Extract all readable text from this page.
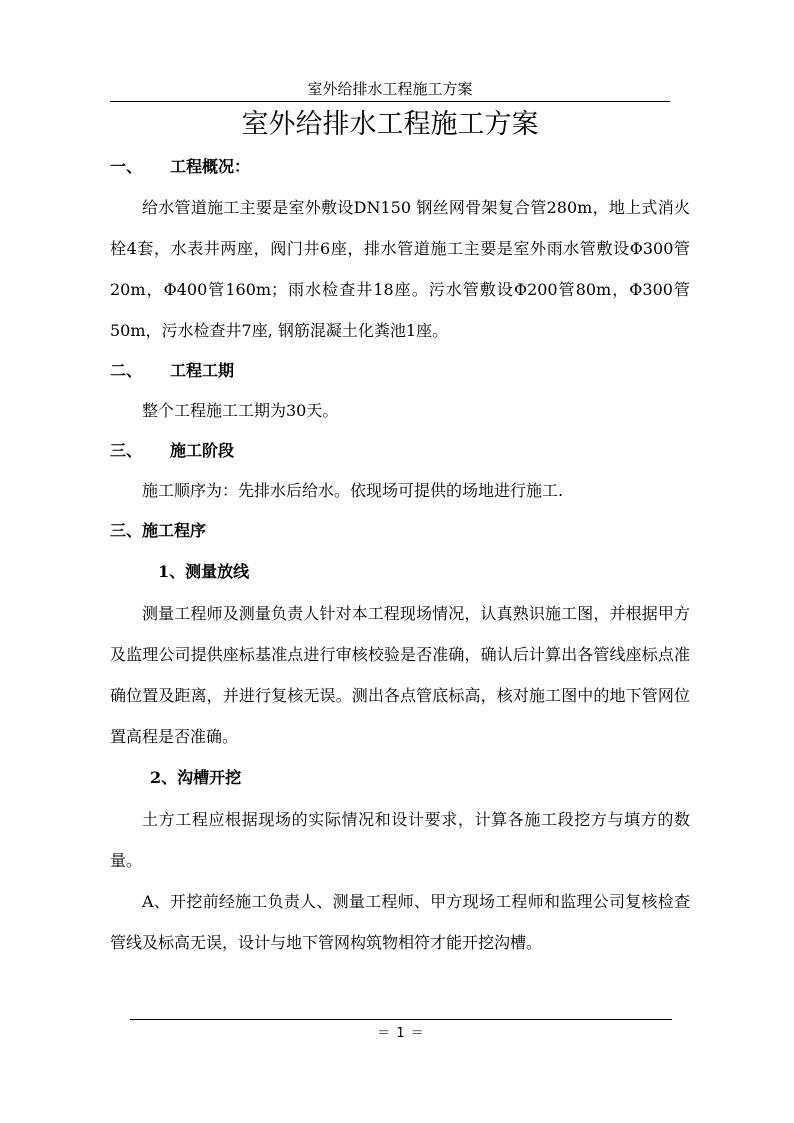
室外给排水工程施工方案
室外给排水工程施工方案
一、 工程概况：

给水管道施工主要是室外敷设DN150 钢丝网骨架复合管280m，地上式消火栓4套，水表井两座，阀门井6座，排水管道施工主要是室外雨水管敷设Φ300管20m，Φ400管160m；雨水检查井18座。污水管敷设Φ200管80m，Φ300管50m，污水检查井7座, 钢筋混凝土化粪池1座。

二、 工程工期

整个工程施工工期为30天。

三、 施工阶段

施工顺序为：先排水后给水。依现场可提供的场地进行施工.

三、施工程序
1、测量放线

测量工程师及测量负责人针对本工程现场情况，认真熟识施工图，并根据甲方及监理公司提供座标基准点进行审核校验是否准确，确认后计算出各管线座标点准确位置及距离，并进行复核无误。测出各点管底标高，核对施工图中的地下管网位置高程是否准确。

2、沟槽开挖

土方工程应根据现场的实际情况和设计要求，计算各施工段挖方与填方的数量。

A、开挖前经施工负责人、测量工程师、甲方现场工程师和监理公司复核检查管线及标高无误，设计与地下管网构筑物相符才能开挖沟槽。

＝ 1 ＝
